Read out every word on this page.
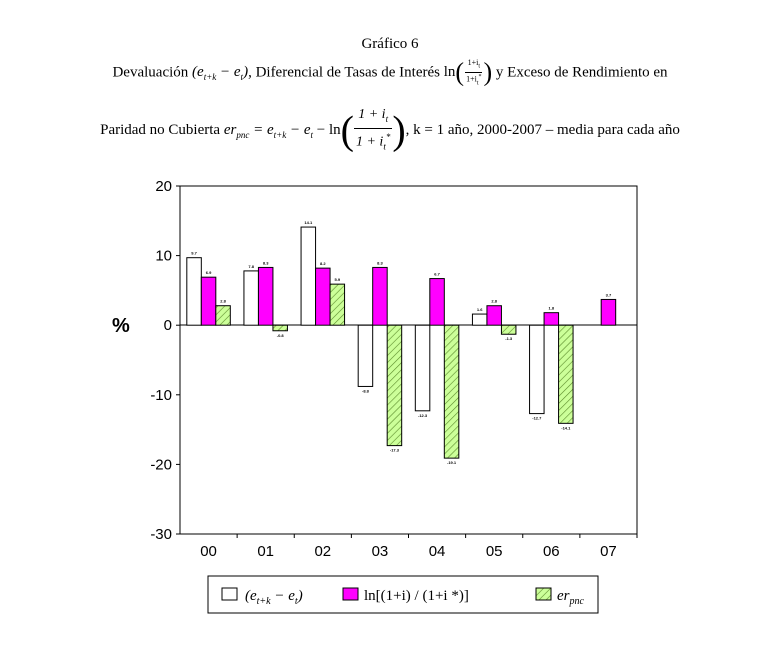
Gráfico 6
Devaluación $(e_{t+k} - e_t)$, Diferencial de Tasas de Interés $\ln( \frac{1+i_t}{1+i_t^*}$ ) y Exceso de Rendimiento en
Paridad no Cubierta $er_{pnc} = e_{t+k} - e_t - \ln( \frac{1 + i_t}{1 + i_t^*}$ ), k = 1 año, 2000-2007 – media para cada año
%
20
10
0
-10
-20
-30
00	01	02	03	04	05	06	07
9.7
7.8
14.1
-8.8
-12.3
1.6
-12.7
6.9
8.3	8.2	8.3
6.7
2.8
1.8
3.7
2.8
-0.8
5.9
-17.3
-19.1
-1.3
-14.1
$(e_{t+k} - e_t)$	ln[(1+i) / (1+i *)]	$er_{pnc}$
